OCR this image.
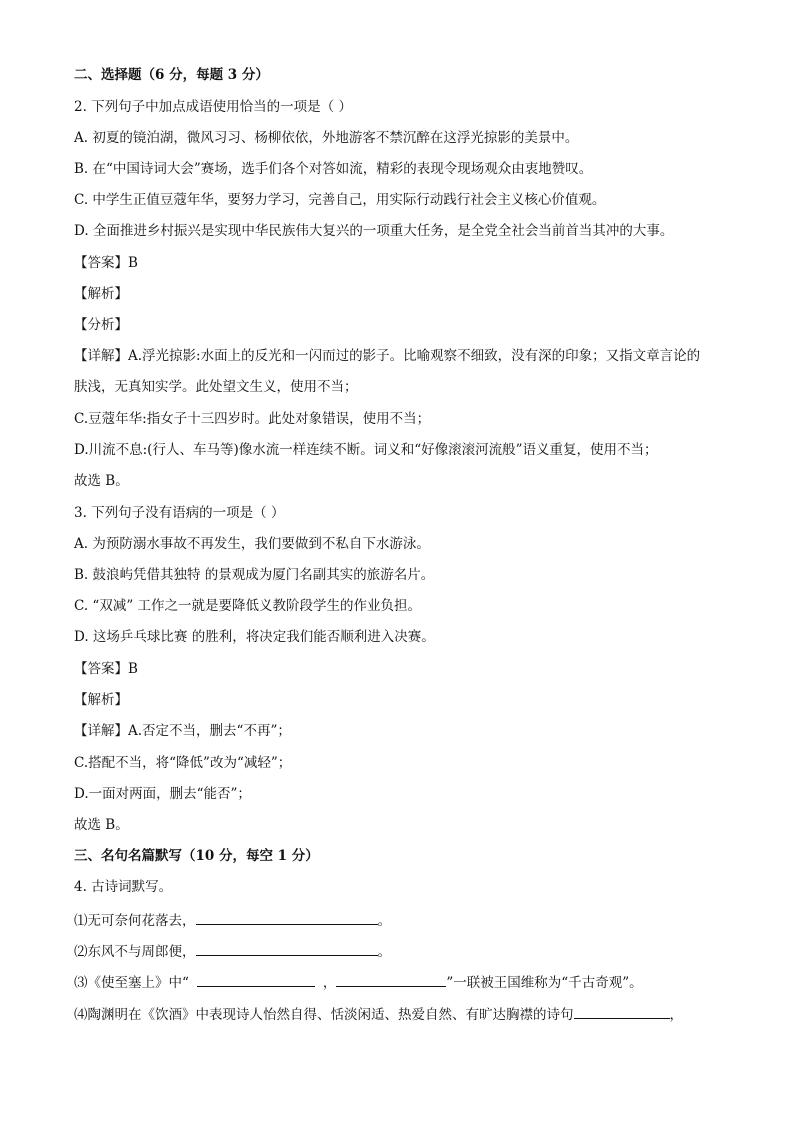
二、选择题（6 分，每题 3 分）
2. 下列句子中加点成语使用恰当的一项是（ ）
A. 初夏的镜泊湖，微风习习、杨柳依依，外地游客不禁沉醉在这浮光掠影的美景中。
B. 在“中国诗词大会”赛场，选手们各个对答如流，精彩的表现令现场观众由衷地赞叹。
C. 中学生正值豆蔻年华，要努力学习，完善自己，用实际行动践行社会主义核心价值观。
D. 全面推进乡村振兴是实现中华民族伟大复兴的一项重大任务，是全党全社会当前首当其冲的大事。
【答案】B
【解析】
【分析】
【详解】A.浮光掠影:水面上的反光和一闪而过的影子。比喻观察不细致，没有深的印象；又指文章言论的
肤浅，无真知实学。此处望文生义，使用不当；
C.豆蔻年华:指女子十三四岁时。此处对象错误，使用不当；
D.川流不息:(行人、车马等)像水流一样连续不断。词义和“好像滚滚河流般”语义重复，使用不当；
故选 B。
3. 下列句子没有语病的一项是（ ）
A. 为预防溺水事故不再发生，我们要做到不私自下水游泳。
B. 鼓浪屿凭借其独特 的景观成为厦门名副其实的旅游名片。
C. “双减” 工作之一就是要降低义教阶段学生的作业负担。
D. 这场乒乓球比赛 的胜利，将决定我们能否顺利进入决赛。
【答案】B
【解析】
【详解】A.否定不当，删去“不再”；
C.搭配不当，将“降低”改为“减轻”；
D.一面对两面，删去“能否”；
故选 B。
三、名句名篇默写（10 分，每空 1 分）
4. 古诗词默写。
⑴无可奈何花落去，	。
⑵东风不与周郎便，	。
⑶《使至塞上》中“	，	”一联被王国维称为“千古奇观”。
⑷陶渊明在《饮酒》中表现诗人怡然自得、恬淡闲适、热爱自然、有旷达胸襟的诗句	，
